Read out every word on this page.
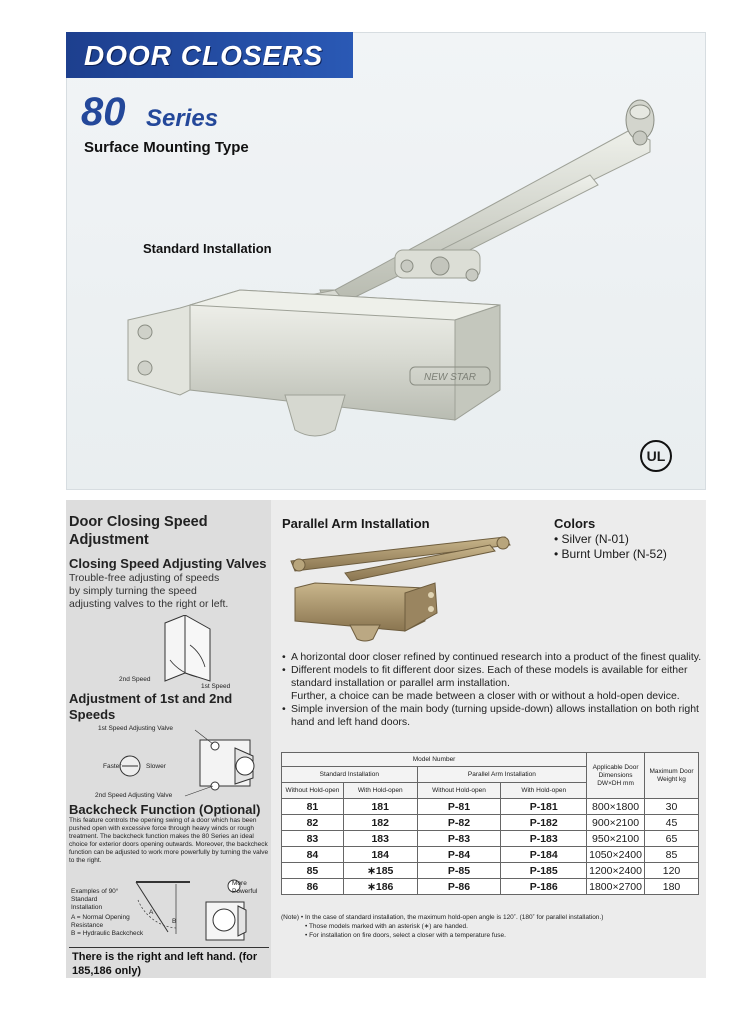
DOOR CLOSERS
80 Series
Surface Mounting Type
Standard Installation
NEW STAR
UL
Door Closing Speed Adjustment
Closing Speed Adjusting Valves
Trouble-free adjusting of speeds by simply turning the speed adjusting valves to the right or left.
2nd Speed
1st Speed
Adjustment of 1st and 2nd Speeds
1st Speed Adjusting Valve
Faster	Slower
2nd Speed Adjusting Valve
Backcheck Function (Optional)
This feature controls the opening swing of a door which has been pushed open with excessive force through heavy winds or rough treatment. The backcheck function makes the 80 Series an ideal choice for exterior doors opening outwards. Moreover, the backcheck function can be adjusted to work more powerfully by turning the valve to the right.
Examples of 90° Standard Installation
A = Normal Opening Resistance
B = Hydraulic Backcheck
More Powerful
A
B
There is the right and left hand. (for 185,186 only)
Parallel Arm Installation	Colors
• Silver (N-01)
• Burnt Umber (N-52)
• A horizontal door closer refined by continued research into a product of the finest quality.
• Different models to fit different door sizes. Each of these models is available for either standard installation or parallel arm installation.
Further, a choice can be made between a closer with or without a hold-open device.
• Simple inversion of the main body (turning upside-down) allows installation on both right hand and left hand doors.
Model Number				Applicable Door Dimensions DW×DH mm	Maximum Door Weight kg
Standard Installation		Parallel Arm Installation			
Without Hold-open	With Hold-open	Without Hold-open	With Hold-open		
81	181	P-81	P-181	800×1800	30
82	182	P-82	P-182	900×2100	45
83	183	P-83	P-183	950×2100	65
84	184	P-84	P-184	1050×2400	85
85	∗185	P-85	P-185	1200×2400	120
86	∗186	P-86	P-186	1800×2700	180
(Note) • In the case of standard installation, the maximum hold-open angle is 120˚. (180˚ for parallel installation.)
• Those models marked with an asterisk (∗) are handed.
• For installation on fire doors, select a closer with a temperature fuse.
